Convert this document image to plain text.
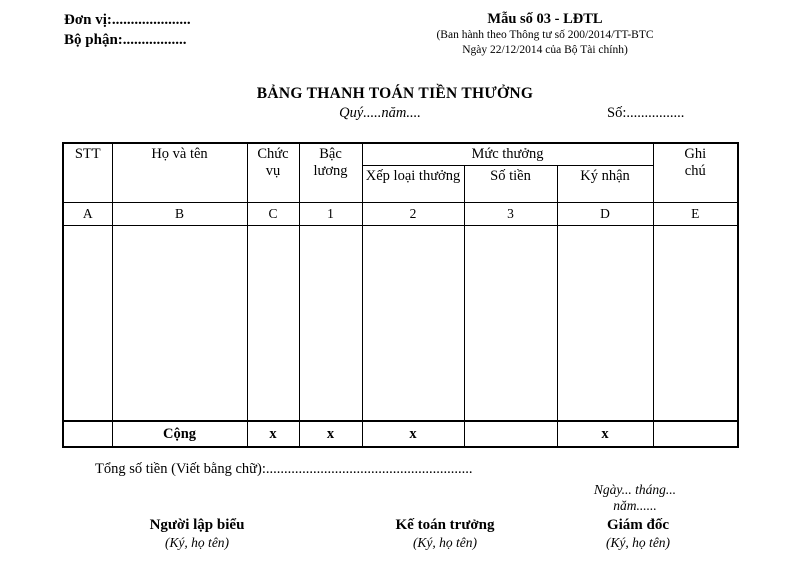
Đơn vị:.....................
Bộ phận:.................
Mẫu số 03 - LĐTL
(Ban hành theo Thông tư số 200/2014/TT-BTC
Ngày 22/12/2014 của Bộ Tài chính)
BẢNG THANH TOÁN TIỀN THƯỞNG
Quý.....năm....	Số:................
STT	Họ và tên	Chức vụ	Bậc lương	Mức thưởng			Ghi chú
				Xếp loại thưởng	Số tiền	Ký nhận	
A	B	C	1	2	3	D	E

	Cộng	x	x	x		x	
Tổng số tiền (Viết bằng chữ):.........................................................
Ngày... tháng...
năm......
Người lập biểu
(Ký, họ tên)
Kế toán trưởng
(Ký, họ tên)
Giám đốc
(Ký, họ tên)
